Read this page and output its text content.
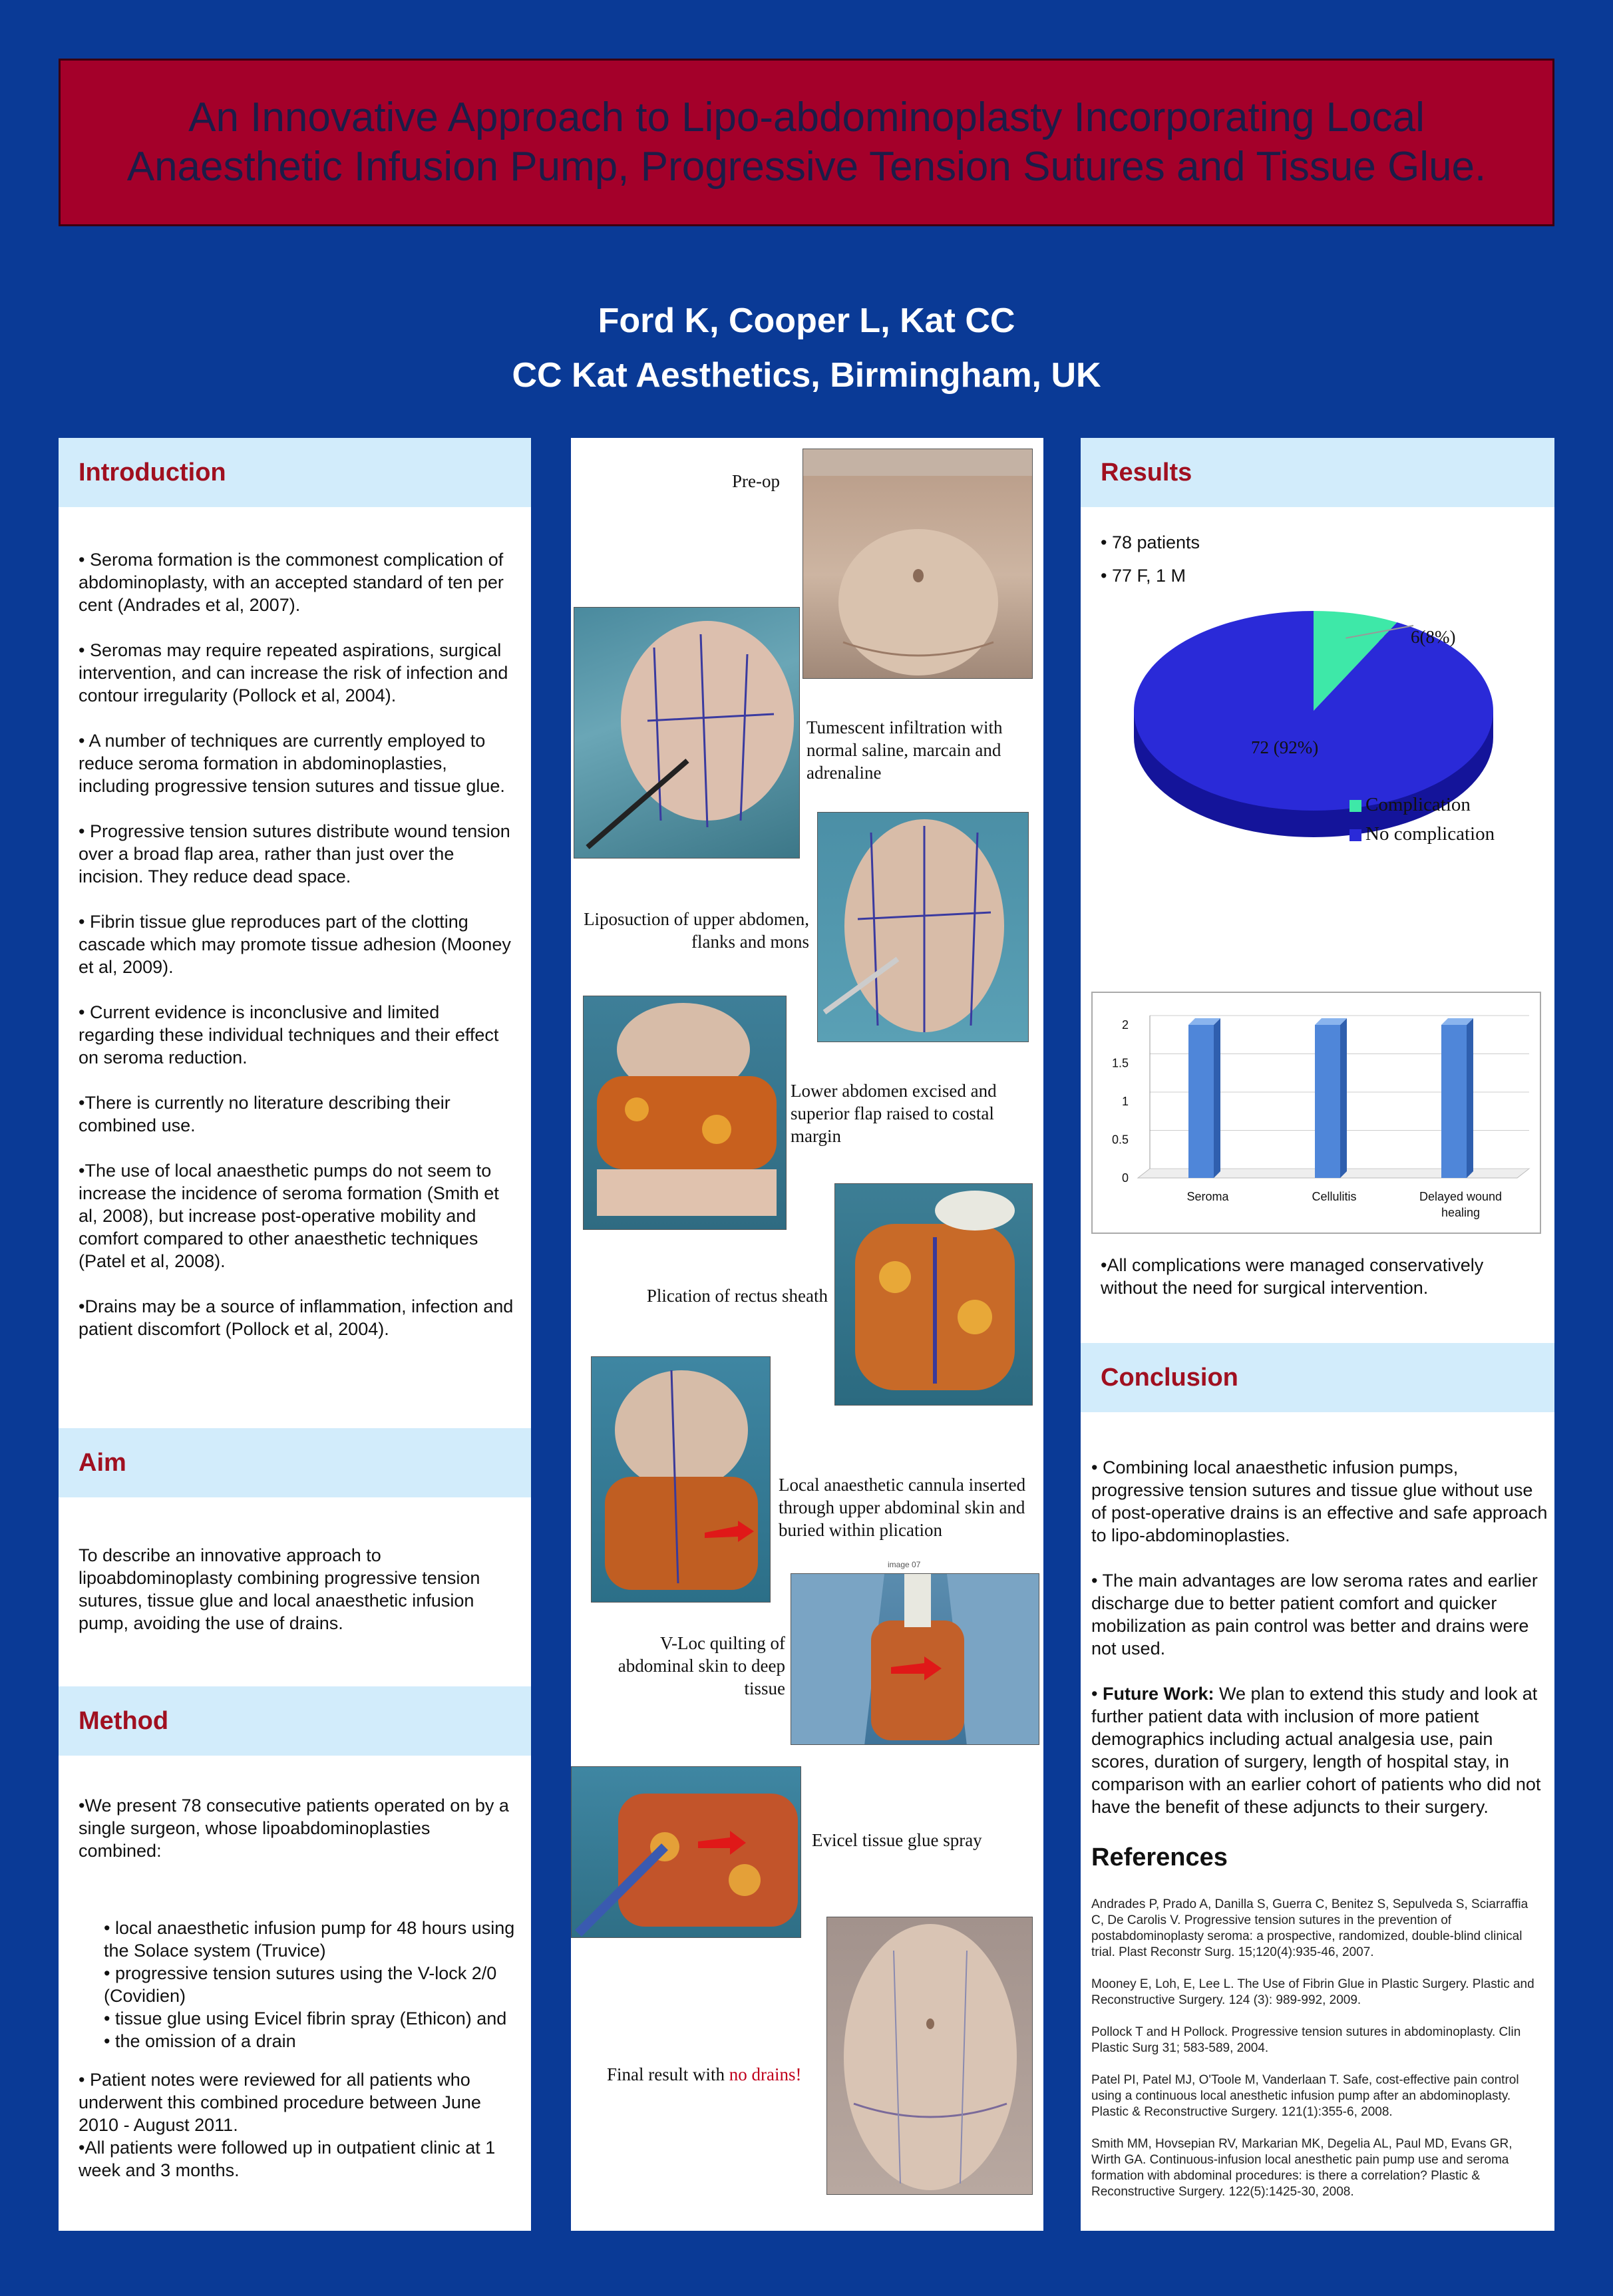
An Innovative Approach to Lipo-abdominoplasty Incorporating Local
Anaesthetic Infusion Pump, Progressive Tension Sutures and Tissue Glue.
Ford K, Cooper L, Kat CC
CC Kat Aesthetics, Birmingham, UK
Introduction

• Seroma formation is the commonest complication of abdominoplasty, with an accepted standard of ten per cent (Andrades et al, 2007).

• Seromas may require repeated aspirations, surgical intervention, and can increase the risk of infection and contour irregularity (Pollock et al, 2004).

• A number of techniques are currently employed to reduce seroma formation in abdominoplasties, including progressive tension sutures and tissue glue.

• Progressive tension sutures distribute wound tension over a broad flap area, rather than just over the incision. They reduce dead space.

• Fibrin tissue glue reproduces part of the clotting cascade which may promote tissue adhesion (Mooney et al, 2009).

• Current evidence is inconclusive and limited regarding these individual techniques and their effect on seroma reduction.

•There is currently no literature describing their combined use.

•The use of local anaesthetic pumps do not seem to increase the incidence of seroma formation (Smith et al, 2008), but increase post-operative mobility and comfort compared to other anaesthetic techniques (Patel et al, 2008).

•Drains may be a source of inflammation, infection and patient discomfort (Pollock et al, 2004).

Aim
To describe an innovative approach to lipoabdominoplasty combining progressive tension sutures, tissue glue and local anaesthetic infusion pump, avoiding the use of drains.
Method

•We present 78 consecutive patients operated on by a single surgeon, whose lipoabdominoplasties combined:

• local anaesthetic infusion pump for 48 hours using the Solace system (Truvice)
• progressive tension sutures using the V-lock 2/0 (Covidien)
• tissue glue using Evicel fibrin spray (Ethicon) and
• the omission of a drain
• Patient notes were reviewed for all patients who underwent this combined procedure between June 2010 - August 2011.
•All patients were followed up in outpatient clinic at 1 week and 3 months.
Pre-op
Tumescent infiltration with normal saline, marcain and adrenaline
Liposuction of upper abdomen, flanks and mons
Lower abdomen excised and superior flap raised to costal margin
Plication of rectus sheath
Local anaesthetic cannula inserted through upper abdominal skin and buried within plication
image 07
V-Loc quilting of abdominal skin to deep tissue
Evicel tissue glue spray
Final result with no drains!
Results
• 78 patients
• 77 F, 1 M
6(8%)
72 (92%)
Complication
No complication
0
0.5
1
1.5
2
Seroma	Cellulitis	Delayed wound
healing
•All complications were managed conservatively without the need for surgical intervention.
Conclusion

• Combining local anaesthetic infusion pumps, progressive tension sutures and tissue glue without use of post-operative drains is an effective and safe approach to lipo-abdominoplasties.

• The main advantages are low seroma rates and earlier discharge due to better patient comfort and quicker mobilization as pain control was better and drains were not used.

• Future Work: We plan to extend this study and look at further patient data with inclusion of more patient demographics including actual analgesia use, pain scores, duration of surgery, length of hospital stay, in comparison with an earlier cohort of patients who did not have the benefit of these adjuncts to their surgery.

References

Andrades P, Prado A, Danilla S, Guerra C, Benitez S, Sepulveda S, Sciarraffia C, De Carolis V. Progressive tension sutures in the prevention of postabdominoplasty seroma: a prospective, randomized, double-blind clinical trial. Plast Reconstr Surg. 15;120(4):935-46, 2007.

Mooney E, Loh, E, Lee L. The Use of Fibrin Glue in Plastic Surgery. Plastic and Reconstructive Surgery. 124 (3): 989-992, 2009.

Pollock T and H Pollock. Progressive tension sutures in abdominoplasty. Clin Plastic Surg 31; 583-589, 2004.

Patel PI, Patel MJ, O'Toole M, Vanderlaan T. Safe, cost-effective pain control using a continuous local anesthetic infusion pump after an abdominoplasty. Plastic & Reconstructive Surgery. 121(1):355-6, 2008.

Smith MM, Hovsepian RV, Markarian MK, Degelia AL, Paul MD, Evans GR, Wirth GA. Continuous-infusion local anesthetic pain pump use and seroma formation with abdominal procedures: is there a correlation? Plastic & Reconstructive Surgery. 122(5):1425-30, 2008.
